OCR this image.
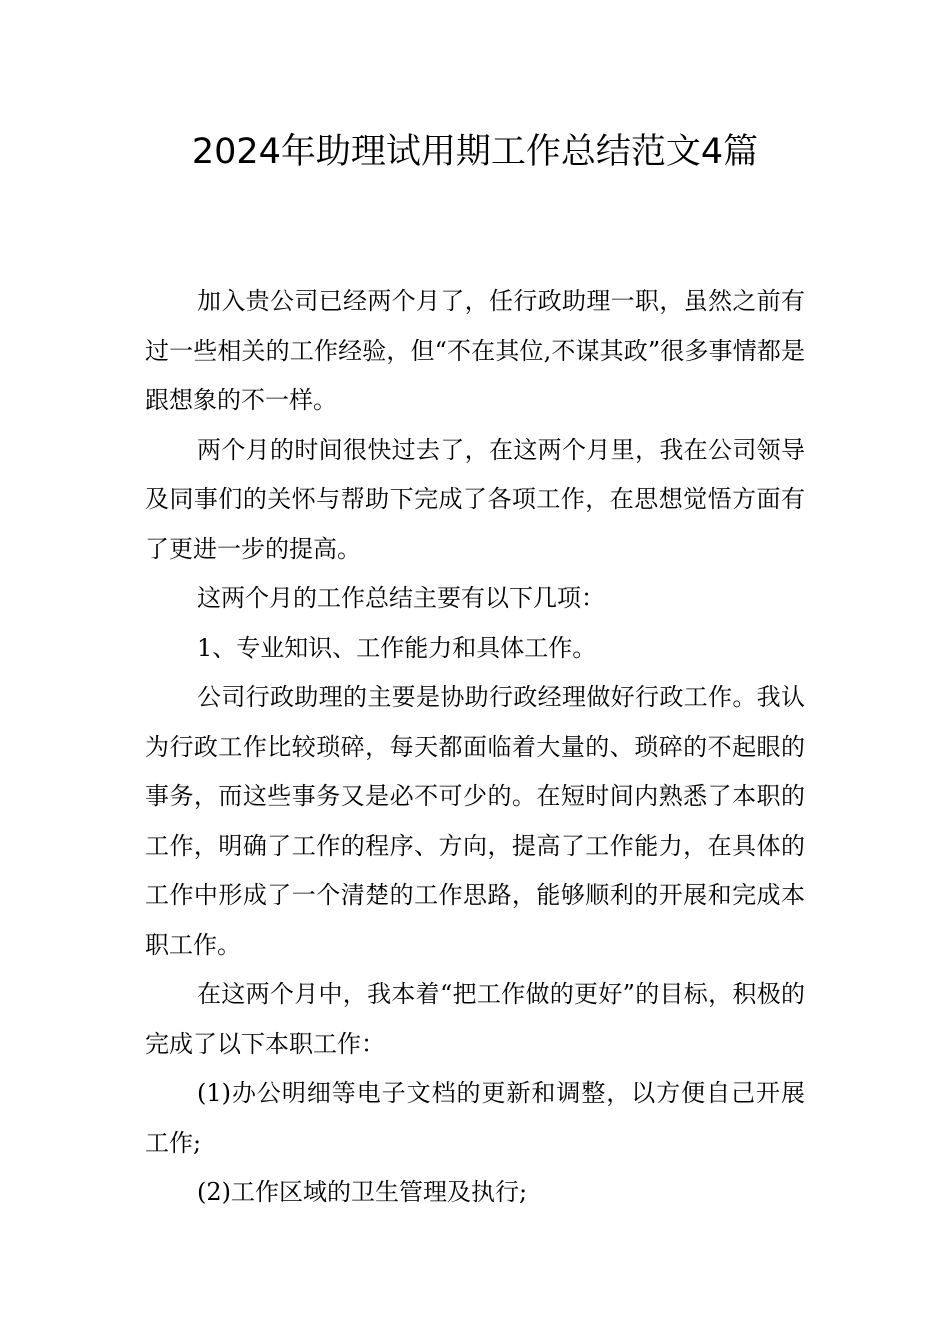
2024年助理试用期工作总结范文4篇

加入贵公司已经两个月了，任行政助理一职，虽然之前有过一些相关的工作经验，但“不在其位,不谋其政”很多事情都是跟想象的不一样。

两个月的时间很快过去了，在这两个月里，我在公司领导及同事们的关怀与帮助下完成了各项工作，在思想觉悟方面有了更进一步的提高。

这两个月的工作总结主要有以下几项：

1、专业知识、工作能力和具体工作。

公司行政助理的主要是协助行政经理做好行政工作。我认为行政工作比较琐碎，每天都面临着大量的、琐碎的不起眼的事务，而这些事务又是必不可少的。在短时间内熟悉了本职的工作，明确了工作的程序、方向，提高了工作能力，在具体的工作中形成了一个清楚的工作思路，能够顺利的开展和完成本职工作。

在这两个月中，我本着“把工作做的更好”的目标，积极的完成了以下本职工作：

(1)办公明细等电子文档的更新和调整，以方便自己开展工作;

(2)工作区域的卫生管理及执行;
